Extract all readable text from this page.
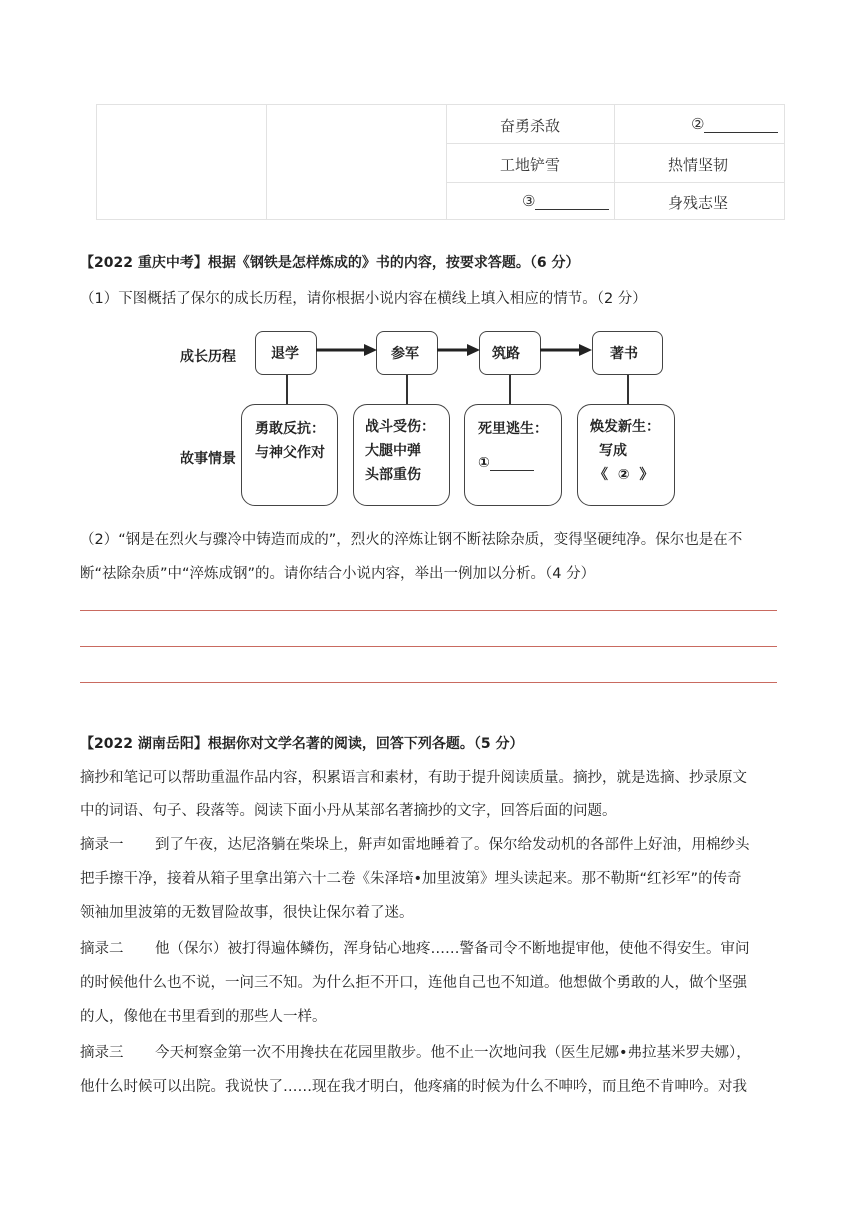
奋勇杀敌	②
工地铲雪	热情坚韧
③	身残志坚
【2022 重庆中考】根据《钢铁是怎样炼成的》书的内容，按要求答题。（6 分）
（1）下图概括了保尔的成长历程，请你根据小说内容在横线上填入相应的情节。（2 分）
成长历程
故事情景
退学	参军	筑路	著书
勇敢反抗：
与神父作对
战斗受伤：
大腿中弹
头部重伤
死里逃生：
①
焕发新生：
写成
《  ②  》
（2）“钢是在烈火与骤冷中铸造而成的”，烈火的淬炼让钢不断祛除杂质，变得坚硬纯净。保尔也是在不
断“祛除杂质”中“淬炼成钢”的。请你结合小说内容，举出一例加以分析。（4 分）
【2022 湖南岳阳】根据你对文学名著的阅读，回答下列各题。（5 分）
摘抄和笔记可以帮助重温作品内容，积累语言和素材，有助于提升阅读质量。摘抄，就是选摘、抄录原文
中的词语、句子、段落等。阅读下面小丹从某部名著摘抄的文字，回答后面的问题。
摘录一 到了午夜，达尼洛躺在柴垛上，鼾声如雷地睡着了。保尔给发动机的各部件上好油，用棉纱头
把手擦干净，接着从箱子里拿出第六十二卷《朱泽培•加里波第》埋头读起来。那不勒斯“红衫军”的传奇
领袖加里波第的无数冒险故事，很快让保尔着了迷。
摘录二 他（保尔）被打得遍体鳞伤，浑身钻心地疼……警备司令不断地提审他，使他不得安生。审问
的时候他什么也不说，一问三不知。为什么拒不开口，连他自己也不知道。他想做个勇敢的人，做个坚强
的人，像他在书里看到的那些人一样。
摘录三 今天柯察金第一次不用搀扶在花园里散步。他不止一次地问我（医生尼娜•弗拉基米罗夫娜），
他什么时候可以出院。我说快了……现在我才明白，他疼痛的时候为什么不呻吟，而且绝不肯呻吟。对我
